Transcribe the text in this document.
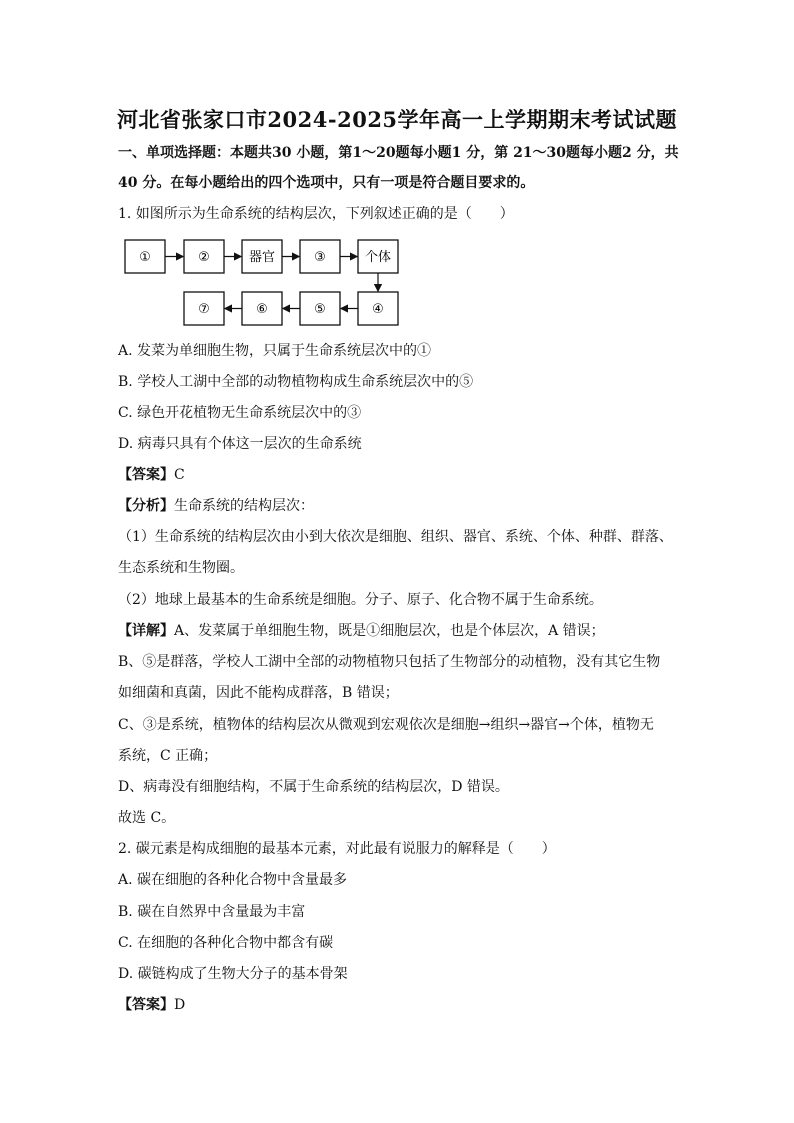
河北省张家口市2024-2025学年高一上学期期末考试试题
一、单项选择题：本题共30 小题，第1～20题每小题1 分，第 21～30题每小题2 分，共
40 分。在每小题给出的四个选项中，只有一项是符合题目要求的。
1. 如图所示为生命系统的结构层次，下列叙述正确的是（　　）
①	②	器官	③	个体
⑦	⑥	⑤	④
A. 发菜为单细胞生物，只属于生命系统层次中的①
B. 学校人工湖中全部的动物植物构成生命系统层次中的⑤
C. 绿色开花植物无生命系统层次中的③
D. 病毒只具有个体这一层次的生命系统
【答案】C
【分析】生命系统的结构层次：
（1）生命系统的结构层次由小到大依次是细胞、组织、器官、系统、个体、种群、群落、
生态系统和生物圈。
（2）地球上最基本的生命系统是细胞。分子、原子、化合物不属于生命系统。
【详解】A、发菜属于单细胞生物，既是①细胞层次，也是个体层次，A 错误；
B、⑤是群落，学校人工湖中全部的动物植物只包括了生物部分的动植物，没有其它生物
如细菌和真菌，因此不能构成群落，B 错误；
C、③是系统，植物体的结构层次从微观到宏观依次是细胞→组织→器官→个体，植物无
系统，C 正确；
D、病毒没有细胞结构，不属于生命系统的结构层次，D 错误。
故选 C。
2. 碳元素是构成细胞的最基本元素，对此最有说服力的解释是（　　）
A. 碳在细胞的各种化合物中含量最多
B. 碳在自然界中含量最为丰富
C. 在细胞的各种化合物中都含有碳
D. 碳链构成了生物大分子的基本骨架
【答案】D
